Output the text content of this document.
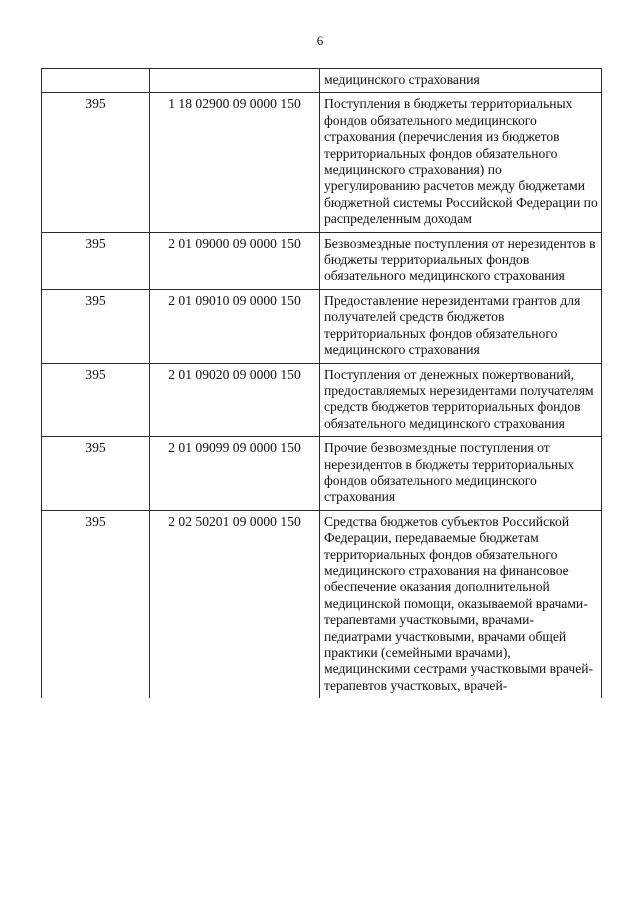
6
		медицинского страхования
395	1 18 02900 09 0000 150	Поступления в бюджеты территориальных фондов обязательного медицинского страхования (перечисления из бюджетов территориальных фондов обязательного медицинского страхования) по урегулированию расчетов между бюджетами бюджетной системы Российской Федерации по распределенным доходам
395	2 01 09000 09 0000 150	Безвозмездные поступления от нерезидентов в бюджеты территориальных фондов обязательного медицинского страхования
395	2 01 09010 09 0000 150	Предоставление нерезидентами грантов для получателей средств бюджетов территориальных фондов обязательного медицинского страхования
395	2 01 09020 09 0000 150	Поступления от денежных пожертвований, предоставляемых нерезидентами получателям средств бюджетов территориальных фондов обязательного медицинского страхования
395	2 01 09099 09 0000 150	Прочие безвозмездные поступления от нерезидентов в бюджеты территориальных фондов обязательного медицинского страхования
395	2 02 50201 09 0000 150	Средства бюджетов субъектов Российской Федерации, передаваемые бюджетам территориальных фондов обязательного медицинского страхования на финансовое обеспечение оказания дополнительной медицинской помощи, оказываемой врачами-терапевтами участковыми, врачами-педиатрами участковыми, врачами общей практики (семейными врачами), медицинскими сестрами участковыми врачей-терапевтов участковых, врачей-
